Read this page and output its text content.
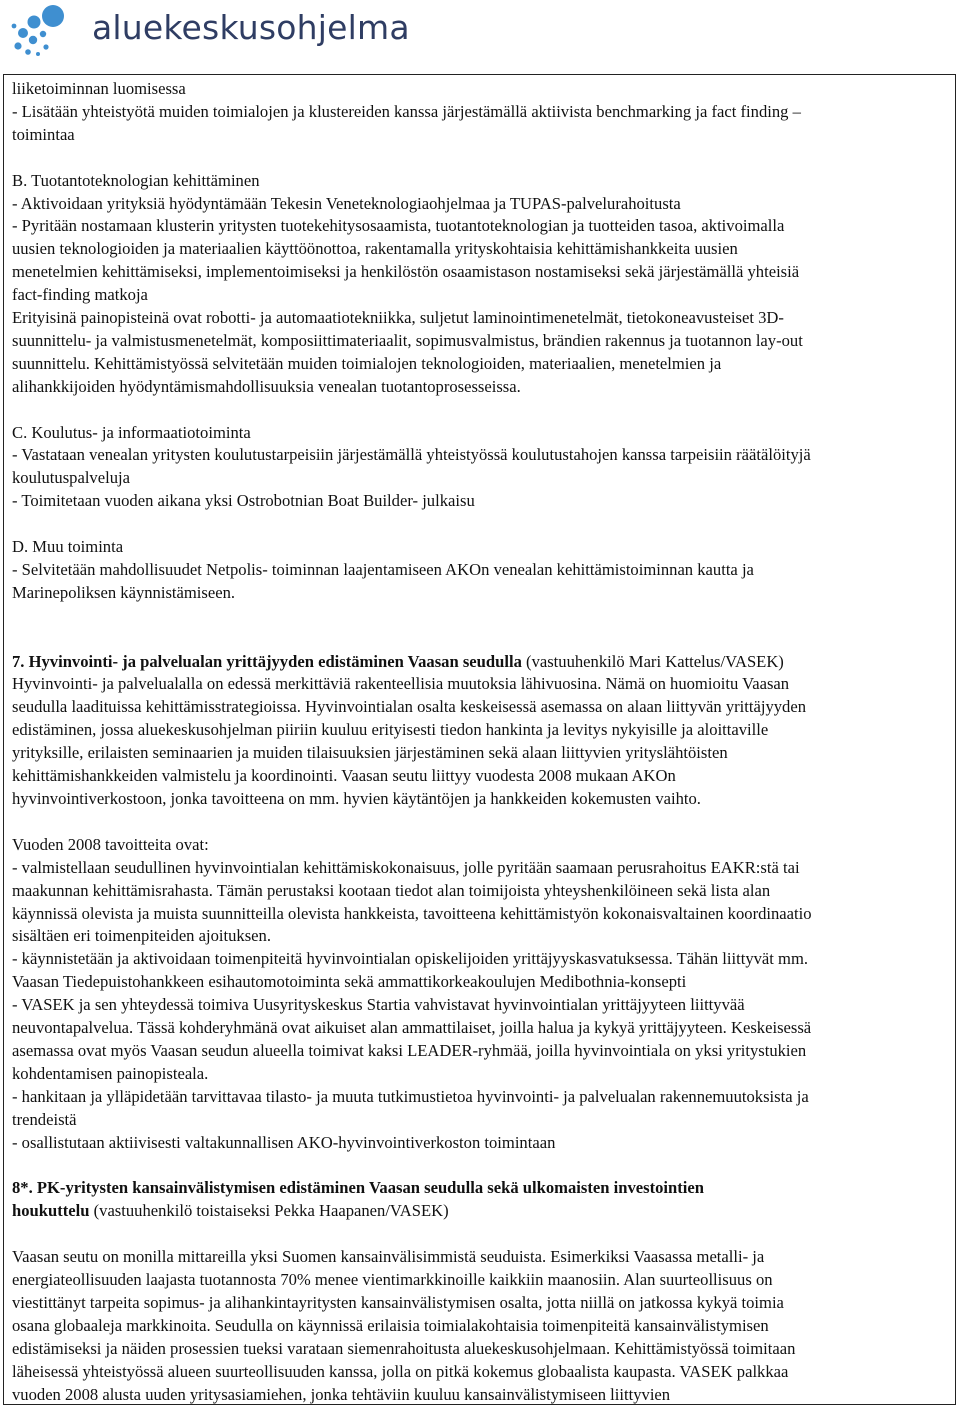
aluekeskusohjelma

liiketoiminnan luomisessa

- Lisätään yhteistyötä muiden toimialojen ja klustereiden kanssa järjestämällä aktiivista benchmarking ja fact finding –

toimintaa

B. Tuotantoteknologian kehittäminen

- Aktivoidaan yrityksiä hyödyntämään Tekesin Veneteknologiaohjelmaa ja TUPAS-palvelurahoitusta

- Pyritään nostamaan klusterin yritysten tuotekehitysosaamista, tuotantoteknologian ja tuotteiden tasoa, aktivoimalla

uusien teknologioiden ja materiaalien käyttöönottoa, rakentamalla yrityskohtaisia kehittämishankkeita uusien

menetelmien kehittämiseksi, implementoimiseksi ja henkilöstön osaamistason nostamiseksi sekä järjestämällä yhteisiä

fact-finding matkoja

Erityisinä painopisteinä ovat robotti- ja automaatiotekniikka, suljetut laminointimenetelmät, tietokoneavusteiset 3D-

suunnittelu- ja valmistusmenetelmät, komposiittimateriaalit, sopimusvalmistus, brändien rakennus ja tuotannon lay-out

suunnittelu. Kehittämistyössä selvitetään muiden toimialojen teknologioiden, materiaalien, menetelmien ja

alihankkijoiden hyödyntämismahdollisuuksia venealan tuotantoprosesseissa.

C. Koulutus- ja informaatiotoiminta

- Vastataan venealan yritysten koulutustarpeisiin järjestämällä yhteistyössä koulutustahojen kanssa tarpeisiin räätälöityjä

koulutuspalveluja

- Toimitetaan vuoden aikana yksi Ostrobotnian Boat Builder- julkaisu

D. Muu toiminta

- Selvitetään mahdollisuudet Netpolis- toiminnan laajentamiseen AKOn venealan kehittämistoiminnan kautta ja

Marinepoliksen käynnistämiseen.

7. Hyvinvointi- ja palvelualan yrittäjyyden edistäminen Vaasan seudulla (vastuuhenkilö Mari Kattelus/VASEK)

Hyvinvointi- ja palvelualalla on edessä merkittäviä rakenteellisia muutoksia lähivuosina. Nämä on huomioitu Vaasan

seudulla laadituissa kehittämisstrategioissa. Hyvinvointialan osalta keskeisessä asemassa on alaan liittyvän yrittäjyyden

edistäminen, jossa aluekeskusohjelman piiriin kuuluu erityisesti tiedon hankinta ja levitys nykyisille ja aloittaville

yrityksille, erilaisten seminaarien ja muiden tilaisuuksien järjestäminen sekä alaan liittyvien yrityslähtöisten

kehittämishankkeiden valmistelu ja koordinointi. Vaasan seutu liittyy vuodesta 2008 mukaan AKOn

hyvinvointiverkostoon, jonka tavoitteena on mm. hyvien käytäntöjen ja hankkeiden kokemusten vaihto.

Vuoden 2008 tavoitteita ovat:

- valmistellaan seudullinen hyvinvointialan kehittämiskokonaisuus, jolle pyritään saamaan perusrahoitus EAKR:stä tai

maakunnan kehittämisrahasta. Tämän perustaksi kootaan tiedot alan toimijoista yhteyshenkilöineen sekä lista alan

käynnissä olevista ja muista suunnitteilla olevista hankkeista, tavoitteena kehittämistyön kokonaisvaltainen koordinaatio

sisältäen eri toimenpiteiden ajoituksen.

- käynnistetään ja aktivoidaan toimenpiteitä hyvinvointialan opiskelijoiden yrittäjyyskasvatuksessa. Tähän liittyvät mm.

Vaasan Tiedepuistohankkeen esihautomotoiminta sekä ammattikorkeakoulujen Medibothnia-konsepti

- VASEK ja sen yhteydessä toimiva Uusyrityskeskus Startia vahvistavat hyvinvointialan yrittäjyyteen liittyvää

neuvontapalvelua. Tässä kohderyhmänä ovat aikuiset alan ammattilaiset, joilla halua ja kykyä yrittäjyyteen. Keskeisessä

asemassa ovat myös Vaasan seudun alueella toimivat kaksi LEADER-ryhmää, joilla hyvinvointiala on yksi yritystukien

kohdentamisen painopisteala.

- hankitaan ja ylläpidetään tarvittavaa tilasto- ja muuta tutkimustietoa hyvinvointi- ja palvelualan rakennemuutoksista ja

trendeistä

- osallistutaan aktiivisesti valtakunnallisen AKO-hyvinvointiverkoston toimintaan

8*. PK-yritysten kansainvälistymisen edistäminen Vaasan seudulla sekä ulkomaisten investointien

houkuttelu (vastuuhenkilö toistaiseksi Pekka Haapanen/VASEK)

Vaasan seutu on monilla mittareilla yksi Suomen kansainvälisimmistä seuduista. Esimerkiksi Vaasassa metalli- ja

energiateollisuuden laajasta tuotannosta 70% menee vientimarkkinoille kaikkiin maanosiin. Alan suurteollisuus on

viestittänyt tarpeita sopimus- ja alihankintayritysten kansainvälistymisen osalta, jotta niillä on jatkossa kykyä toimia

osana globaaleja markkinoita. Seudulla on käynnissä erilaisia toimialakohtaisia toimenpiteitä kansainvälistymisen

edistämiseksi ja näiden prosessien tueksi varataan siemenrahoitusta aluekeskusohjelmaan. Kehittämistyössä toimitaan

läheisessä yhteistyössä alueen suurteollisuuden kanssa, jolla on pitkä kokemus globaalista kaupasta. VASEK palkkaa

vuoden 2008 alusta uuden yritysasiamiehen, jonka tehtäviin kuuluu kansainvälistymiseen liittyvien
